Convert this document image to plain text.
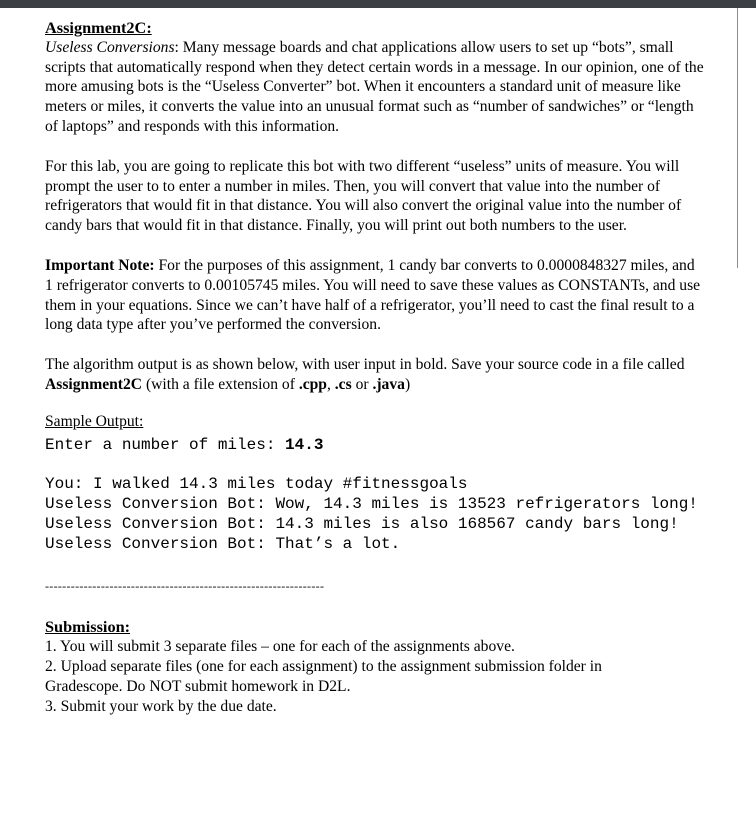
Assignment2C:

Useless Conversions: Many message boards and chat applications allow users to set up “bots”, small scripts that automatically respond when they detect certain words in a message. In our opinion, one of the more amusing bots is the “Useless Converter” bot. When it encounters a standard unit of measure like meters or miles, it converts the value into an unusual format such as “number of sandwiches” or “length of laptops” and responds with this information.

For this lab, you are going to replicate this bot with two different “useless” units of measure. You will prompt the user to to enter a number in miles. Then, you will convert that value into the number of refrigerators that would fit in that distance. You will also convert the original value into the number of candy bars that would fit in that distance. Finally, you will print out both numbers to the user.

Important Note: For the purposes of this assignment, 1 candy bar converts to 0.0000848327 miles, and 1 refrigerator converts to 0.00105745 miles. You will need to save these values as CONSTANTs, and use them in your equations. Since we can’t have half of a refrigerator, you’ll need to cast the final result to a long data type after you’ve performed the conversion.

The algorithm output is as shown below, with user input in bold. Save your source code in a file called Assignment2C (with a file extension of .cpp, .cs or .java)

Sample Output:

Enter a number of miles: 14.3
You: I walked 14.3 miles today #fitnessgoals
Useless Conversion Bot: Wow, 14.3 miles is 13523 refrigerators long!
Useless Conversion Bot: 14.3 miles is also 168567 candy bars long!
Useless Conversion Bot: That’s a lot.
-----------------------------------------------------------------

Submission:

1. You will submit 3 separate files – one for each of the assignments above.

2. Upload separate files (one for each assignment) to the assignment submission folder in Gradescope. Do NOT submit homework in D2L.

3. Submit your work by the due date.
